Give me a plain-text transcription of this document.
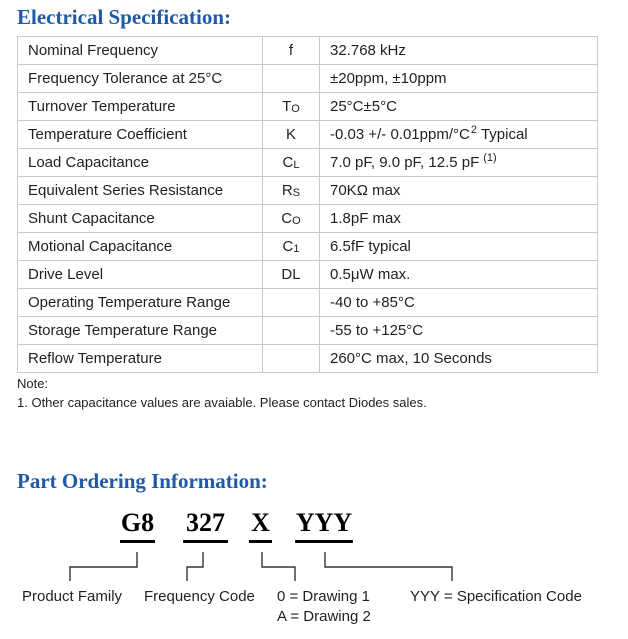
Electrical Specification:
Nominal Frequency	f	32.768 kHz
Frequency Tolerance at 25°C		±20ppm, ±10ppm
Turnover Temperature	TO	25°C±5°C
Temperature Coefficient	K	-0.03 +/- $0.01ppm/^\circ C^2$ Typical
Load Capacitance	CL	7.0 pF, 9.0 pF, 12.5 pF $^{(1)}$
Equivalent Series Resistance	RS	70KΩ max
Shunt Capacitance	CO	1.8pF max
Motional Capacitance	C1	6.5fF typical
Drive Level	DL	0.5μW max.
Operating Temperature Range		-40 to +85°C
Storage Temperature Range		-55 to +125°C
Reflow Temperature		260°C max, 10 Seconds
Note:
1. Other capacitance values are avaiable. Please contact Diodes sales.
Part Ordering Information:
G8 327 X YYY
Product Family Frequency Code 0 = Drawing 1
A = Drawing 2
YYY = Specification Code
